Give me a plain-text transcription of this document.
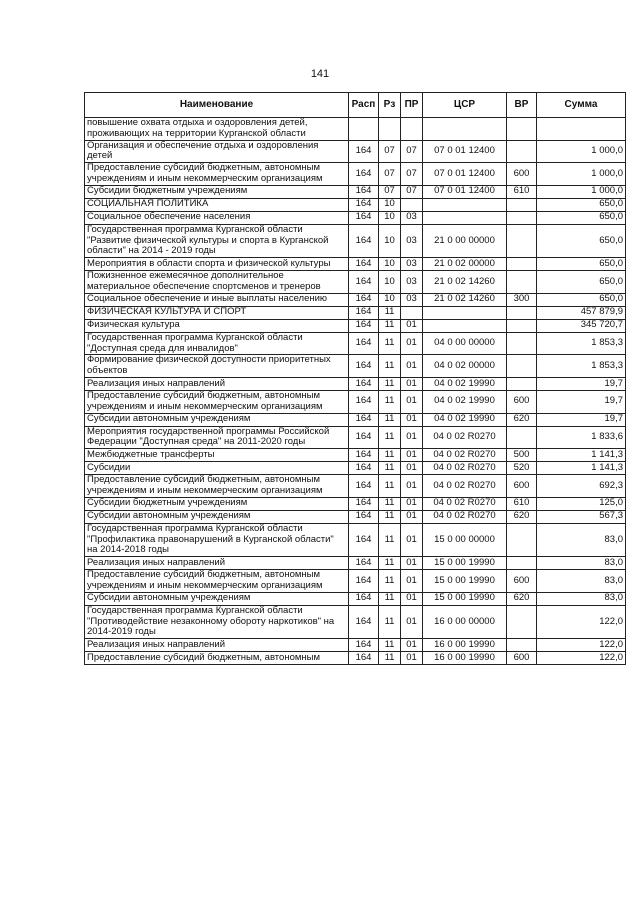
141
Наименование	Расп	Рз	ПР	ЦСР	ВР	Сумма
повышение охвата отдыха и оздоровления детей, проживающих на территории Курганской области						
Организация и обеспечение отдыха и оздоровления детей	164	07	07	07 0 01 12400		1 000,0
Предоставление субсидий бюджетным, автономным учреждениям и иным некоммерческим организациям	164	07	07	07 0 01 12400	600	1 000,0
Субсидии бюджетным учреждениям	164	07	07	07 0 01 12400	610	1 000,0
СОЦИАЛЬНАЯ ПОЛИТИКА	164	10				650,0
Социальное обеспечение населения	164	10	03			650,0
Государственная программа Курганской области "Развитие физической культуры и спорта в Курганской области" на 2014 - 2019 годы	164	10	03	21 0 00 00000		650,0
Мероприятия в области спорта и физической культуры	164	10	03	21 0 02 00000		650,0
Пожизненное ежемесячное дополнительное материальное обеспечение спортсменов и тренеров	164	10	03	21 0 02 14260		650,0
Социальное обеспечение и иные выплаты населению	164	10	03	21 0 02 14260	300	650,0
ФИЗИЧЕСКАЯ КУЛЬТУРА И СПОРТ	164	11				457 879,9
Физическая культура	164	11	01			345 720,7
Государственная программа Курганской области "Доступная среда для инвалидов"	164	11	01	04 0 00 00000		1 853,3
Формирование физической доступности приоритетных объектов	164	11	01	04 0 02 00000		1 853,3
Реализация иных направлений	164	11	01	04 0 02 19990		19,7
Предоставление субсидий бюджетным, автономным учреждениям и иным некоммерческим организациям	164	11	01	04 0 02 19990	600	19,7
Субсидии автономным учреждениям	164	11	01	04 0 02 19990	620	19,7
Мероприятия государственной программы Российской Федерации "Доступная среда" на 2011-2020 годы	164	11	01	04 0 02 R0270		1 833,6
Межбюджетные трансферты	164	11	01	04 0 02 R0270	500	1 141,3
Субсидии	164	11	01	04 0 02 R0270	520	1 141,3
Предоставление субсидий бюджетным, автономным учреждениям и иным некоммерческим организациям	164	11	01	04 0 02 R0270	600	692,3
Субсидии бюджетным учреждениям	164	11	01	04 0 02 R0270	610	125,0
Субсидии автономным учреждениям	164	11	01	04 0 02 R0270	620	567,3
Государственная программа Курганской области "Профилактика правонарушений в Курганской области" на 2014-2018 годы	164	11	01	15 0 00 00000		83,0
Реализация иных направлений	164	11	01	15 0 00 19990		83,0
Предоставление субсидий бюджетным, автономным учреждениям и иным некоммерческим организациям	164	11	01	15 0 00 19990	600	83,0
Субсидии автономным учреждениям	164	11	01	15 0 00 19990	620	83,0
Государственная программа Курганской области "Противодействие незаконному обороту наркотиков" на 2014-2019 годы	164	11	01	16 0 00 00000		122,0
Реализация иных направлений	164	11	01	16 0 00 19990		122,0
Предоставление субсидий бюджетным, автономным	164	11	01	16 0 00 19990	600	122,0
